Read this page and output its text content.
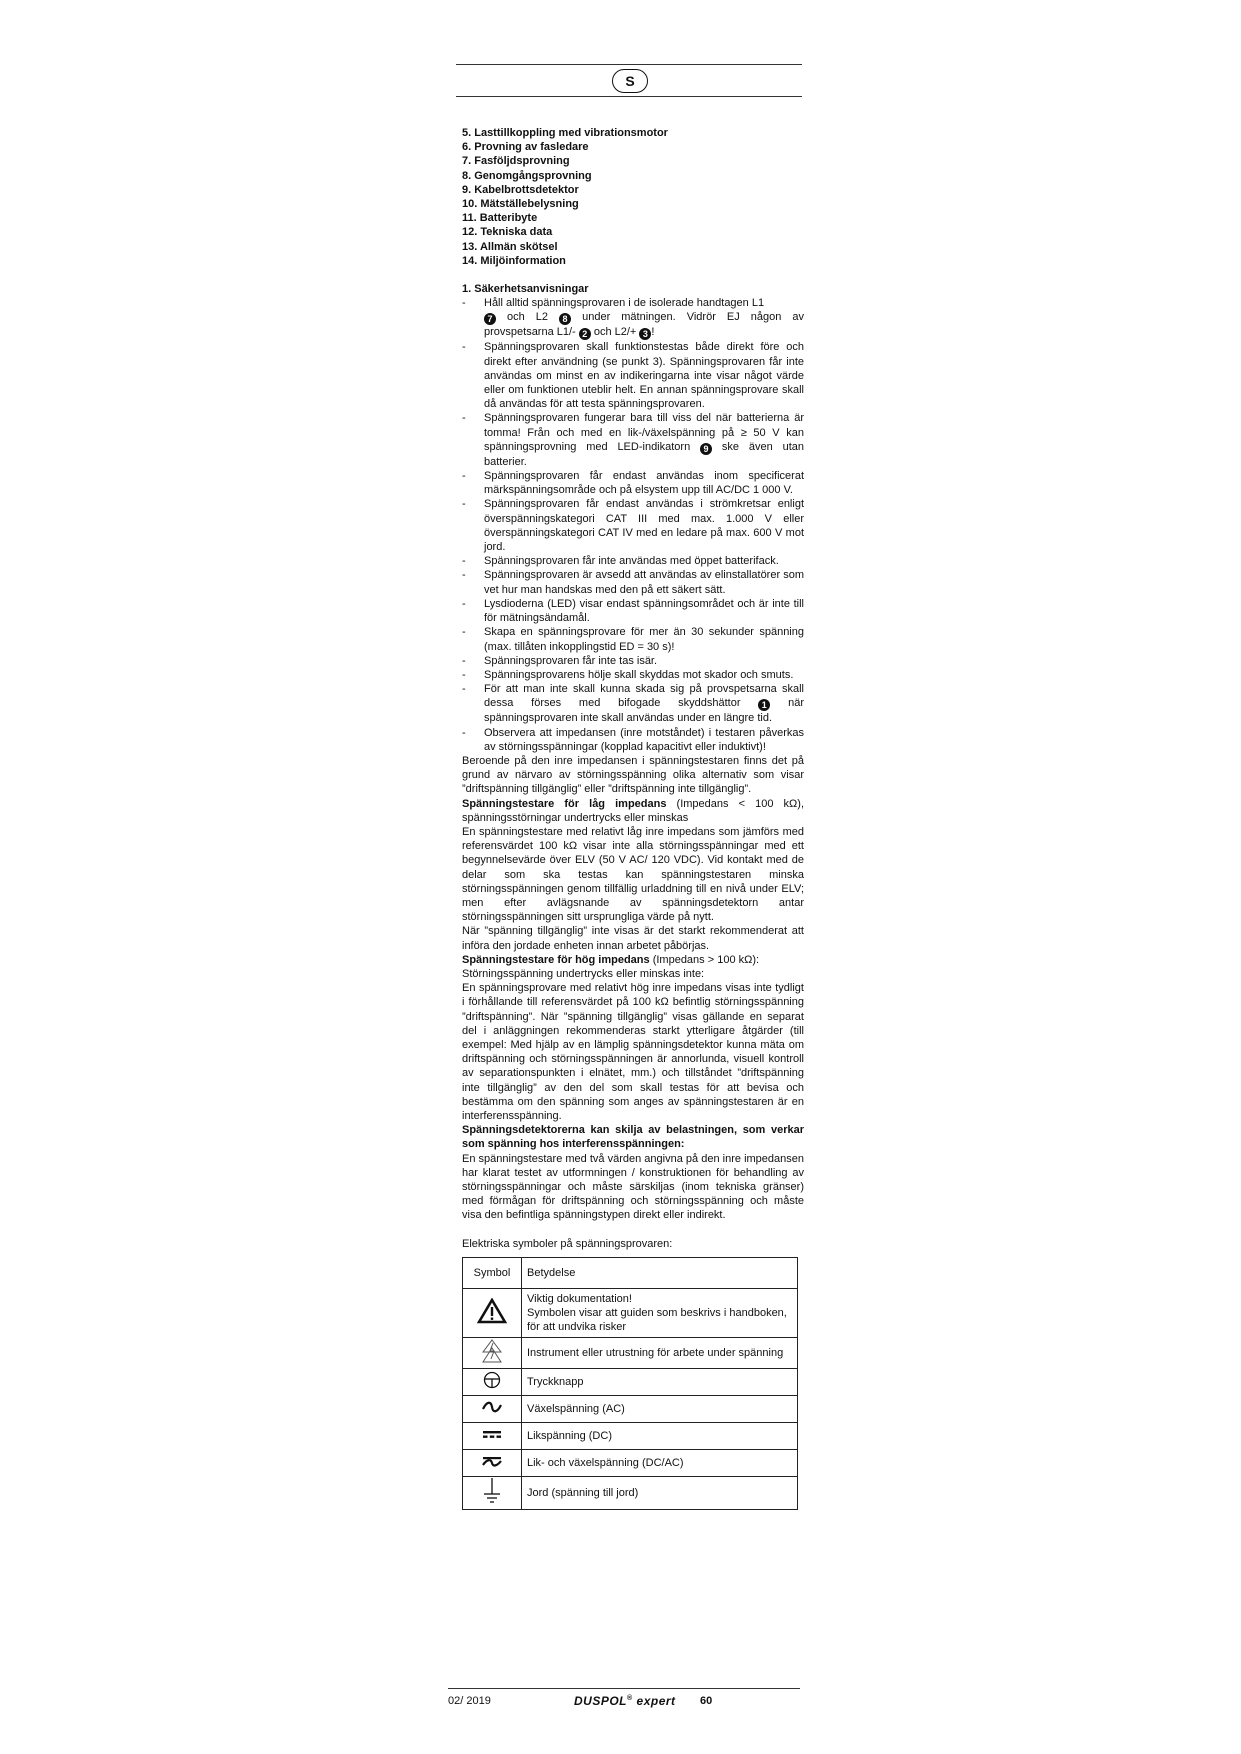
S
5. Lasttillkoppling med vibrationsmotor
6. Provning av fasledare
7. Fasföljdsprovning
8. Genomgångsprovning
9. Kabelbrottsdetektor
10. Mätställebelysning
11. Batteribyte
12. Tekniska data
13. Allmän skötsel
14. Miljöinformation
1. Säkerhetsanvisningar
- Håll alltid spänningsprovaren i de isolerade handtagen L1
7 och L2 8 under mätningen. Vidrör EJ någon av provspetsarna L1/- 2 och L2/+ 3 !
- Spänningsprovaren skall funktionstestas både direkt före och direkt efter användning (se punkt 3). Spänningsprovaren får inte användas om minst en av indikeringarna inte visar något värde eller om funktionen uteblir helt. En annan spänningsprovare skall då användas för att testa spänningsprovaren.
- Spänningsprovaren fungerar bara till viss del när batterierna är tomma! Från och med en lik-/växelspänning på ≥ 50 V kan spänningsprovning med LED-indikatorn 9 ske även utan batterier.
- Spänningsprovaren får endast användas inom specificerat märkspänningsområde och på elsystem upp till AC/DC 1 000 V.
- Spänningsprovaren får endast användas i strömkretsar enligt överspänningskategori CAT III med max. 1.000 V eller överspänningskategori CAT IV med en ledare på max. 600 V mot jord.
- Spänningsprovaren får inte användas med öppet batterifack.
- Spänningsprovaren är avsedd att användas av elinstallatörer som vet hur man handskas med den på ett säkert sätt.
- Lysdioderna (LED) visar endast spänningsområdet och är inte till för mätningsändamål.
- Skapa en spänningsprovare för mer än 30 sekunder spänning (max. tillåten inkopplingstid ED = 30 s)!
- Spänningsprovaren får inte tas isär.
- Spänningsprovarens hölje skall skyddas mot skador och smuts.
- För att man inte skall kunna skada sig på provspetsarna skall dessa förses med bifogade skyddshättor 1 när spänningsprovaren inte skall användas under en längre tid.
- Observera att impedansen (inre motståndet) i testaren påverkas av störningsspänningar (kopplad kapacitivt eller induktivt)!
Beroende på den inre impedansen i spänningstestaren finns det på grund av närvaro av störningsspänning olika alternativ som visar ”driftspänning tillgänglig” eller ”driftspänning inte tillgänglig”.
Spänningstestare för låg impedans (Impedans < 100 kΩ), spänningsstörningar undertrycks eller minskas
En spänningstestare med relativt låg inre impedans som jämförs med referensvärdet 100 kΩ visar inte alla störningsspänningar med ett begynnelsevärde över ELV (50 V AC/ 120 VDC). Vid kontakt med de delar som ska testas kan spänningstestaren minska störningsspänningen genom tillfällig urladdning till en nivå under ELV; men efter avlägsnande av spänningsdetektorn antar störningsspänningen sitt ursprungliga värde på nytt.
När ”spänning tillgänglig” inte visas är det starkt rekommenderat att införa den jordade enheten innan arbetet påbörjas.
Spänningstestare för hög impedans (Impedans > 100 kΩ):
Störningsspänning undertrycks eller minskas inte:
En spänningsprovare med relativt hög inre impedans visas inte tydligt i förhållande till referensvärdet på 100 kΩ befintlig störningsspänning ”driftspänning”. När ”spänning tillgänglig” visas gällande en separat del i anläggningen rekommenderas starkt ytterligare åtgärder (till exempel: Med hjälp av en lämplig spänningsdetektor kunna mäta om driftspänning och störningsspänningen är annorlunda, visuell kontroll av separationspunkten i elnätet, mm.) och tillståndet ”driftspänning inte tillgänglig” av den del som skall testas för att bevisa och bestämma om den spänning som anges av spänningstestaren är en interferensspänning.
Spänningsdetektorerna kan skilja av belastningen, som verkar som spänning hos interferensspänningen:
En spänningstestare med två värden angivna på den inre impedansen har klarat testet av utformningen / konstruktionen för behandling av störningsspänningar och måste särskiljas (inom tekniska gränser) med förmågan för driftspänning och störningsspänning och måste visa den befintliga spänningstypen direkt eller indirekt.
Elektriska symboler på spänningsprovaren:
Symbol	Betydelse
	Viktig dokumentation!
Symbolen visar att guiden som beskrivs i handboken, för att undvika risker
	Instrument eller utrustning för arbete under spänning
	Tryckknapp
	Växelspänning (AC)
	Likspänning (DC)
	Lik- och växelspänning (DC/AC)
	Jord (spänning till jord)
02/ 2019	DUSPOL® expert 60
